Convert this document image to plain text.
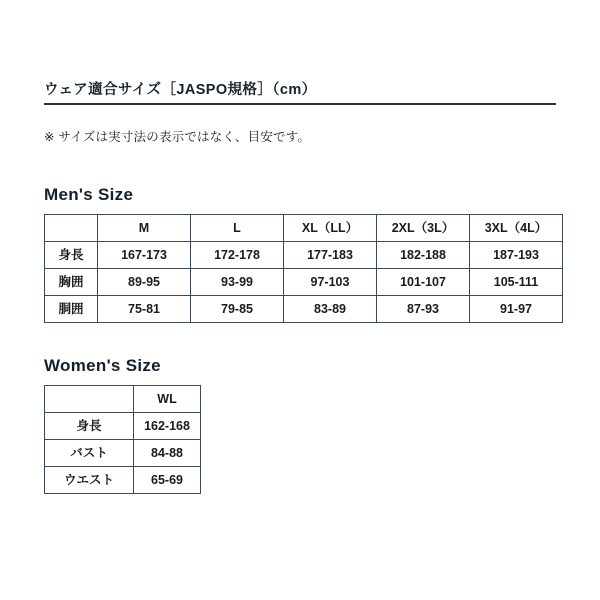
ウェア適合サイズ［JASPO規格］（cm）
※ サイズは実寸法の表示ではなく、目安です。
Men's Size
	M	L	XL（LL）	2XL（3L）	3XL（4L）
身長	167-173	172-178	177-183	182-188	187-193
胸囲	89-95	93-99	97-103	101-107	105-111
胴囲	75-81	79-85	83-89	87-93	91-97
Women's Size
	WL
身長	162-168
バスト	84-88
ウエスト	65-69
